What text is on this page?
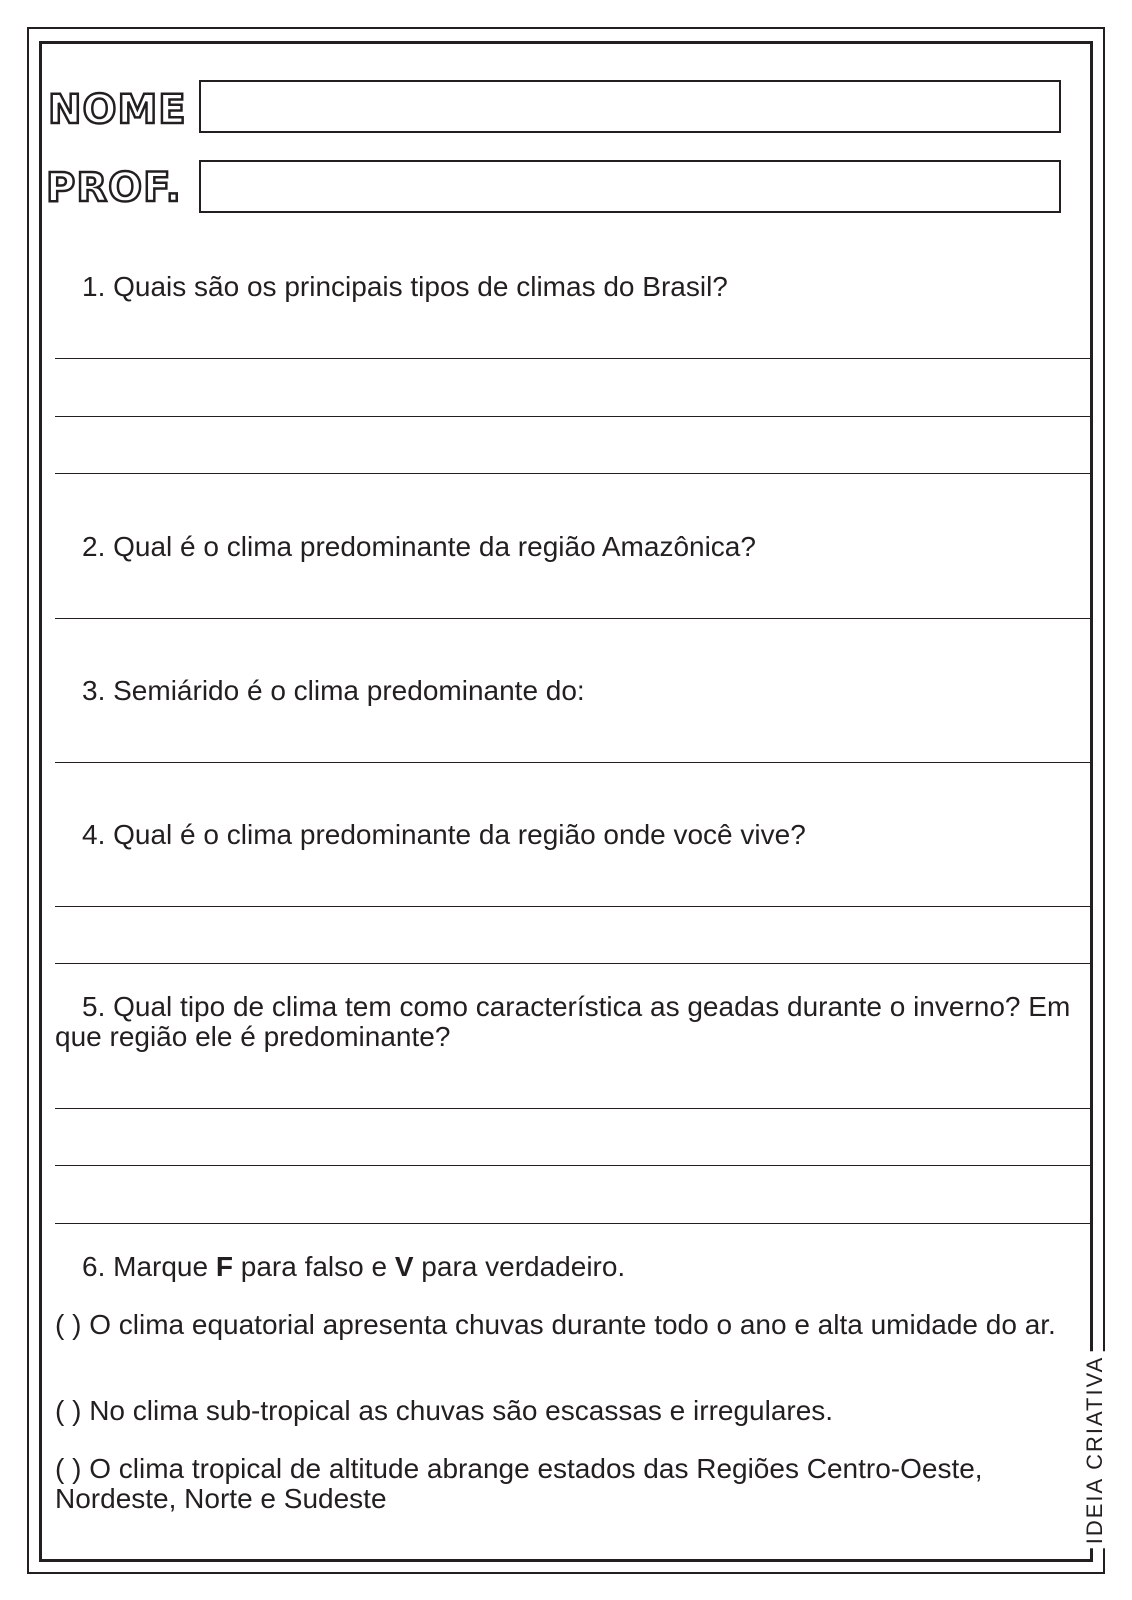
NOME
PROF.
1. Quais são os principais tipos de climas do Brasil?
2. Qual é o clima predominante da região Amazônica?
3. Semiárido é o clima predominante do:
4. Qual é o clima predominante da região onde você vive?
5. Qual tipo de clima tem como característica as geadas durante o inverno? Em que região ele é predominante?
6. Marque F para falso e V para verdadeiro.
( ) O clima equatorial apresenta chuvas durante todo o ano e alta umidade do ar.
( ) No clima sub-tropical as chuvas são escassas e irregulares.
( ) O clima tropical de altitude abrange estados das Regiões Centro-Oeste, Nordeste, Norte e Sudeste	IDEIA CRIATIVA
